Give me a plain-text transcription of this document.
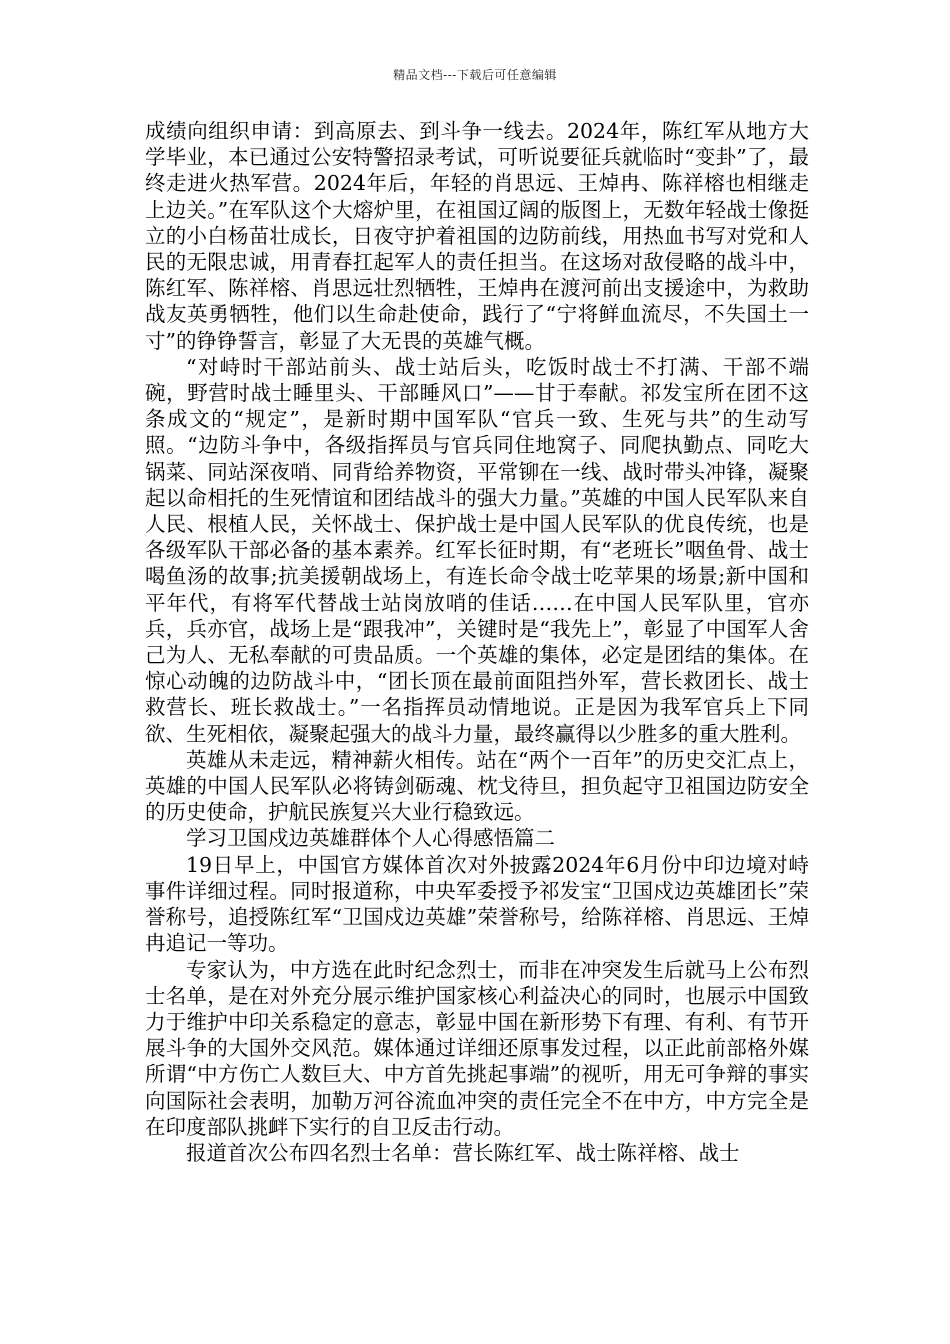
精品文档---下载后可任意编辑

成绩向组织申请：到高原去、到斗争一线去。2024年，陈红军从地方大学毕业，本已通过公安特警招录考试，可听说要征兵就临时“变卦”了，最终走进火热军营。2024年后，年轻的肖思远、王焯冉、陈祥榕也相继走上边关。”在军队这个大熔炉里，在祖国辽阔的版图上，无数年轻战士像挺立的小白杨苗壮成长，日夜守护着祖国的边防前线，用热血书写对党和人民的无限忠诚，用青春扛起军人的责任担当。在这场对敌侵略的战斗中，陈红军、陈祥榕、肖思远壮烈牺牲，王焯冉在渡河前出支援途中，为救助战友英勇牺牲，他们以生命赴使命，践行了“宁将鲜血流尽，不失国土一寸”的铮铮誓言，彰显了大无畏的英雄气概。

“对峙时干部站前头、战士站后头，吃饭时战士不打满、干部不端碗，野营时战士睡里头、干部睡风口”——甘于奉献。祁发宝所在团不这条成文的“规定”，是新时期中国军队“官兵一致、生死与共”的生动写照。“边防斗争中，各级指挥员与官兵同住地窝子、同爬执勤点、同吃大锅菜、同站深夜哨、同背给养物资，平常铆在一线、战时带头冲锋，凝聚起以命相托的生死情谊和团结战斗的强大力量。”英雄的中国人民军队来自人民、根植人民，关怀战士、保护战士是中国人民军队的优良传统，也是各级军队干部必备的基本素养。红军长征时期，有“老班长”咽鱼骨、战士喝鱼汤的故事;抗美援朝战场上，有连长命令战士吃苹果的场景;新中国和平年代，有将军代替战士站岗放哨的佳话……在中国人民军队里，官亦兵，兵亦官，战场上是“跟我冲”，关键时是“我先上”，彰显了中国军人舍己为人、无私奉献的可贵品质。一个英雄的集体，必定是团结的集体。在惊心动魄的边防战斗中，“团长顶在最前面阻挡外军，营长救团长、战士救营长、班长救战士。”一名指挥员动情地说。正是因为我军官兵上下同欲、生死相依，凝聚起强大的战斗力量，最终赢得以少胜多的重大胜利。

英雄从未走远，精神薪火相传。站在“两个一百年”的历史交汇点上，英雄的中国人民军队必将铸剑砺魂、枕戈待旦，担负起守卫祖国边防安全的历史使命，护航民族复兴大业行稳致远。

学习卫国戍边英雄群体个人心得感悟篇二

19日早上，中国官方媒体首次对外披露2024年6月份中印边境对峙事件详细过程。同时报道称，中央军委授予祁发宝“卫国戍边英雄团长”荣誉称号，追授陈红军“卫国戍边英雄”荣誉称号，给陈祥榕、肖思远、王焯冉追记一等功。

专家认为，中方选在此时纪念烈士，而非在冲突发生后就马上公布烈士名单，是在对外充分展示维护国家核心利益决心的同时，也展示中国致力于维护中印关系稳定的意志，彰显中国在新形势下有理、有利、有节开展斗争的大国外交风范。媒体通过详细还原事发过程，以正此前部格外媒所谓“中方伤亡人数巨大、中方首先挑起事端”的视听，用无可争辩的事实向国际社会表明，加勒万河谷流血冲突的责任完全不在中方，中方完全是在印度部队挑衅下实行的自卫反击行动。

报道首次公布四名烈士名单：营长陈红军、战士陈祥榕、战士
